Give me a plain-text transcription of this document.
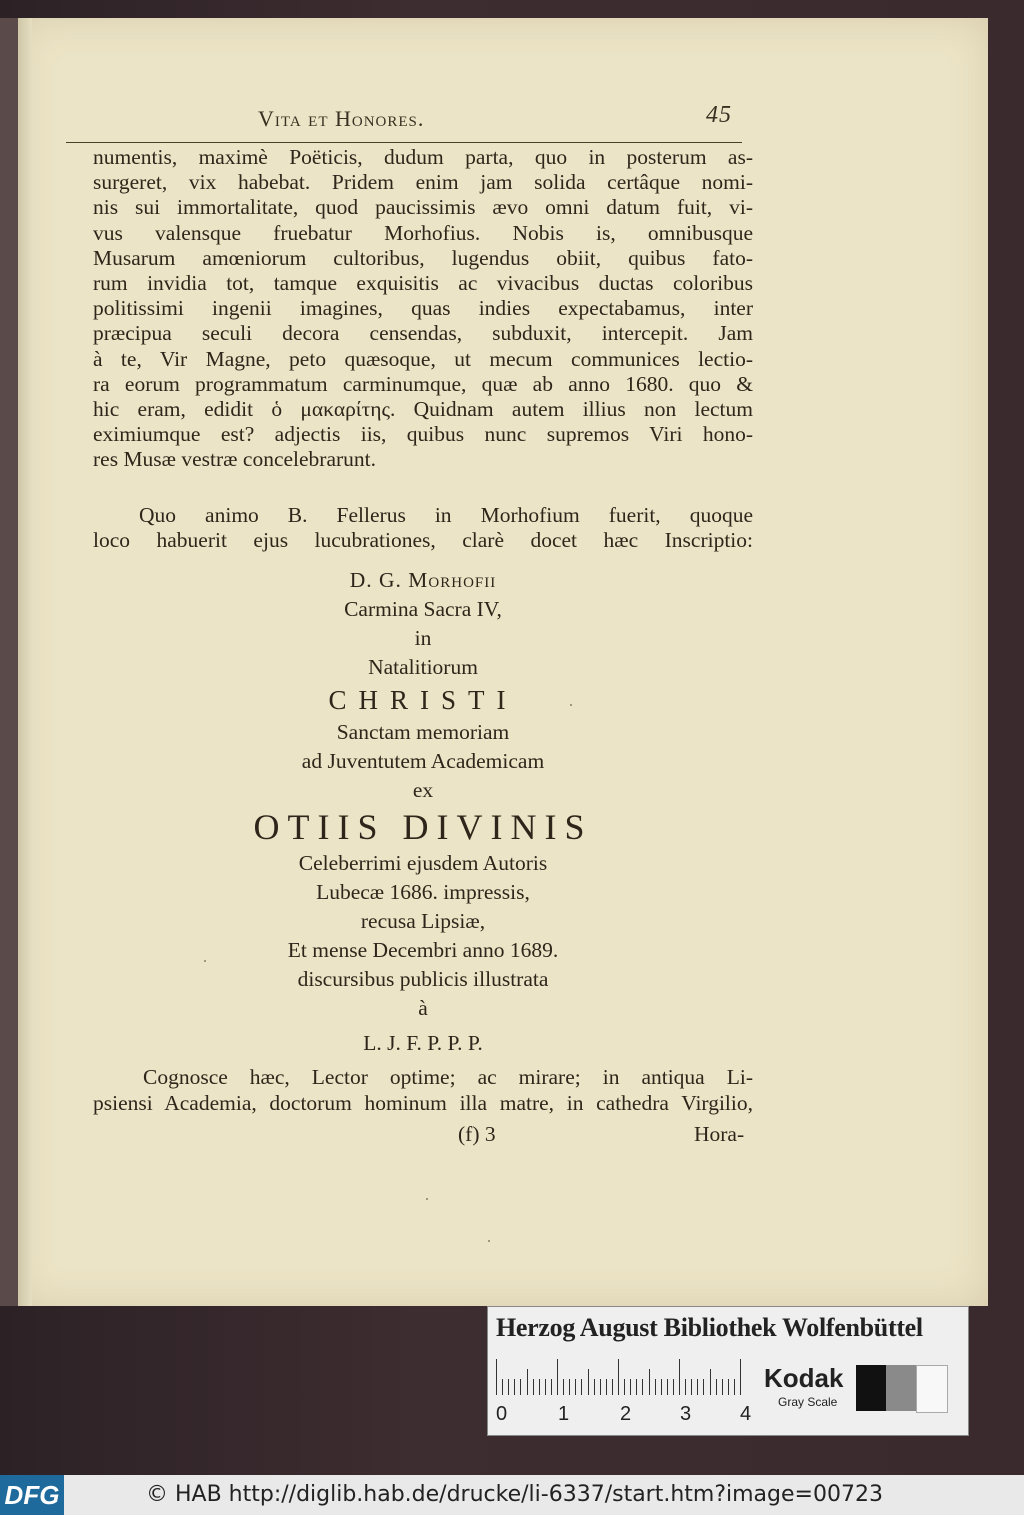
Vita et Honores.	45
numentis, maximè Poëticis, dudum parta, quo in posterum as-
surgeret, vix habebat. Pridem enim jam solida certâque nomi-
nis sui immortalitate, quod paucissimis ævo omni datum fuit, vi-
vus valensque fruebatur Morhofius. Nobis is, omnibusque
Musarum amœniorum cultoribus, lugendus obiit, quibus fato-
rum invidia tot, tamque exquisitis ac vivacibus ductas coloribus
politissimi ingenii imagines, quas indies expectabamus, inter
præcipua seculi decora censendas, subduxit, intercepit. Jam
à te, Vir Magne, peto quæsoque, ut mecum communices lectio-
ra eorum programmatum carminumque, quæ ab anno 1680. quo &
hic eram, edidit ὁ μακαρίτης. Quidnam autem illius non lectum
eximiumque est? adjectis iis, quibus nunc supremos Viri hono-
res Musæ vestræ concelebrarunt.
Quo animo B. Fellerus in Morhofium fuerit, quoque
loco habuerit ejus lucubrationes, clarè docet hæc Inscriptio:
D. G. Morhofii
Carmina Sacra IV,
in
Natalitiorum
CHRISTI
Sanctam memoriam
ad Juventutem Academicam
ex
OTIIS DIVINIS
Celeberrimi ejusdem Autoris
Lubecæ 1686. impressis,
recusa Lipsiæ,
Et mense Decembri anno 1689.
discursibus publicis illustrata
à
L. J. F. P. P. P.
Cognosce hæc, Lector optime; ac mirare; in antiqua Li-
psiensi Academia, doctorum hominum illa matre, in cathedra Virgilio,
(f) 3	Hora-
Herzog August Bibliothek Wolfenbüttel
0	1	2 3 4
Kodak
Gray Scale
DFG	© HAB http://diglib.hab.de/drucke/li-6337/start.htm?image=00723
